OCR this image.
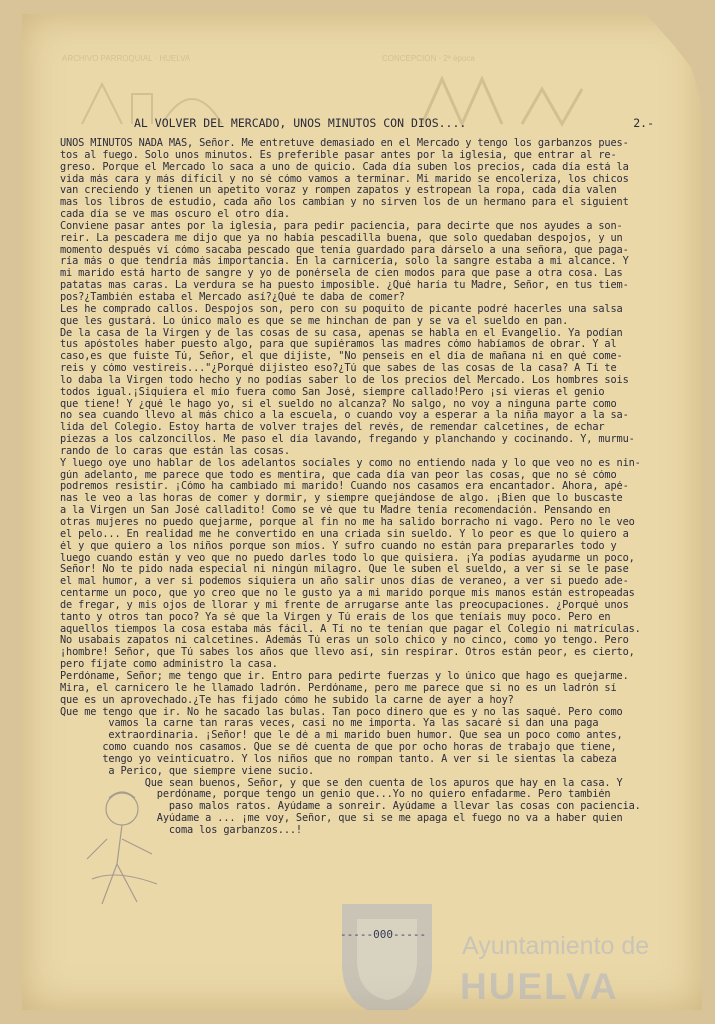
ARCHIVO PARROQUIAL · HUELVA	CONCEPCIÓN - 2ª época
AL VOLVER DEL MERCADO, UNOS MINUTOS CON DIOS....	2.-
UNOS MINUTOS NADA MAS, Señor. Me entretuve demasiado en el Mercado y tengo los garbanzos pues-
tos al fuego. Solo unos minutos. Es preferible pasar antes por la iglesia, que entrar al re-
greso. Porque el Mercado lo saca a uno de quicio. Cada día suben los precios, cada día está la
vida más cara y más difícil y no sé cómo vamos a terminar. Mi marido se encoleriza, los chicos
van creciendo y tienen un apetito voraz y rompen zapatos y estropean la ropa, cada día valen
mas los libros de estudio, cada año los cambian y no sirven los de un hermano para el siguient
cada día se ve mas oscuro el otro día.
Conviene pasar antes por la iglesia, para pedir paciencia, para decirte que nos ayudes a son-
reir. La pescadera me dijo que ya no había pescadilla buena, que solo quedaban despojos, y un
momento después ví cómo sacaba pescado que tenía guardado para dárselo a una señora, que paga-
ría más o que tendría más importancia. En la carnicería, solo la sangre estaba a mi alcance. Y
mi marido está harto de sangre y yo de ponérsela de cien modos para que pase a otra cosa. Las
patatas mas caras. La verdura se ha puesto imposible. ¿Qué haría tu Madre, Señor, en tus tiem-
pos?¿También estaba el Mercado así?¿Qué te daba de comer?
Les he comprado callos. Despojos son, pero con su poquito de picante podré hacerles una salsa
que les gustará. Lo único malo es que se me hinchan de pan y se va el sueldo en pan.
De la casa de la Virgen y de las cosas de su casa, apenas se habla en el Evangelio. Ya podían
tus apóstoles haber puesto algo, para que supiéramos las madres cómo habíamos de obrar. Y al
caso,es que fuiste Tú, Señor, el que dijiste, "No penseis en el día de mañana ni en qué come-
reis y cómo vestireis..."¿Porqué dijisteo eso?¿Tú que sabes de las cosas de la casa? A Tí te
lo daba la Virgen todo hecho y no podías saber lo de los precios del Mercado. Los hombres sois
todos igual.¡Siquiera el mío fuera como San José, siempre callado!Pero ¡si vieras el genio
que tiene! Y ¿qué le hago yo, si el sueldo no alcanza? No salgo, no voy a ninguna parte como
no sea cuando llevo al más chico a la escuela, o cuando voy a esperar a la niña mayor a la sa-
lida del Colegio. Estoy harta de volver trajes del revés, de remendar calcetines, de echar
piezas a los calzoncillos. Me paso el día lavando, fregando y planchando y cocinando. Y, murmu-
rando de lo caras que están las cosas.
Y luego oye uno hablar de los adelantos sociales y como no entiendo nada y lo que veo no es nin-
gún adelanto, me parece que todo es mentira, que cada día van peor las cosas, que no sé cómo
podremos resistir. ¡Cómo ha cambiado mi marido! Cuando nos casamos era encantador. Ahora, apé-
nas le veo a las horas de comer y dormir, y siempre quejándose de algo. ¡Bien que lo buscaste
a la Virgen un San José calladito! Como se vé que tu Madre tenía recomendación. Pensando en
otras mujeres no puedo quejarme, porque al fin no me ha salido borracho ni vago. Pero no le veo
el pelo... En realidad me he convertido en una criada sin sueldo. Y lo peor es que lo quiero a
él y que quiero a los niños porque son míos. Y sufro cuando no están para prepararles todo y
luego cuando están y veo que no puedo darles todo lo que quisiera. ¡Ya podías ayudarme un poco,
Señor! No te pido nada especial ni ningún milagro. Que le suben el sueldo, a ver si se le pase
el mal humor, a ver si podemos siquiera un año salir unos días de veraneo, a ver si puedo ade-
centarme un poco, que yo creo que no le gusto ya a mi marido porque mis manos están estropeadas
de fregar, y mis ojos de llorar y mi frente de arrugarse ante las preocupaciones. ¿Porqué unos
tanto y otros tan poco? Ya sé que la Virgen y Tú erais de los que teníais muy poco. Pero en
aquellos tiempos la cosa estaba más fácil. A Tí no te tenían que pagar el Colegio ni matrículas.
No usabais zapatos ni calcetines. Además Tú eras un solo chico y no cinco, como yo tengo. Pero
¡hombre! Señor, que Tú sabes los años que llevo así, sin respirar. Otros están peor, es cierto,
pero fíjate como administro la casa.
Perdóname, Señor; me tengo que ir. Entro para pedirte fuerzas y lo único que hago es quejarme.
Mira, el carnicero le he llamado ladrón. Perdóname, pero me parece que si no es un ladrón sí
que es un aprovechado.¿Te has fijado cómo he subido la carne de ayer a hoy?
Que me tengo que ir. No he sacado las bulas. Tan poco dinero que es y no las saqué. Pero como
vamos la carne tan raras veces, casi no me importa. Ya las sacaré si dan una paga
extraordinaria. ¡Señor! que le dé a mi marido buen humor. Que sea un poco como antes,
como cuando nos casamos. Que se dé cuenta de que por ocho horas de trabajo que tiene,
tengo yo veinticuatro. Y los niños que no rompan tanto. A ver si le sientas la cabeza
a Perico, que siempre viene sucio.
Que sean buenos, Señor, y que se den cuenta de los apuros que hay en la casa. Y
perdóname, porque tengo un genio que...Yo no quiero enfadarme. Pero también
paso malos ratos. Ayúdame a sonreir. Ayúdame a llevar las cosas con paciencia.
Ayúdame a ... ¡me voy, Señor, que si se me apaga el fuego no va a haber quien
coma los garbanzos...!
Ayuntamiento de
HUELVA
-----000-----
